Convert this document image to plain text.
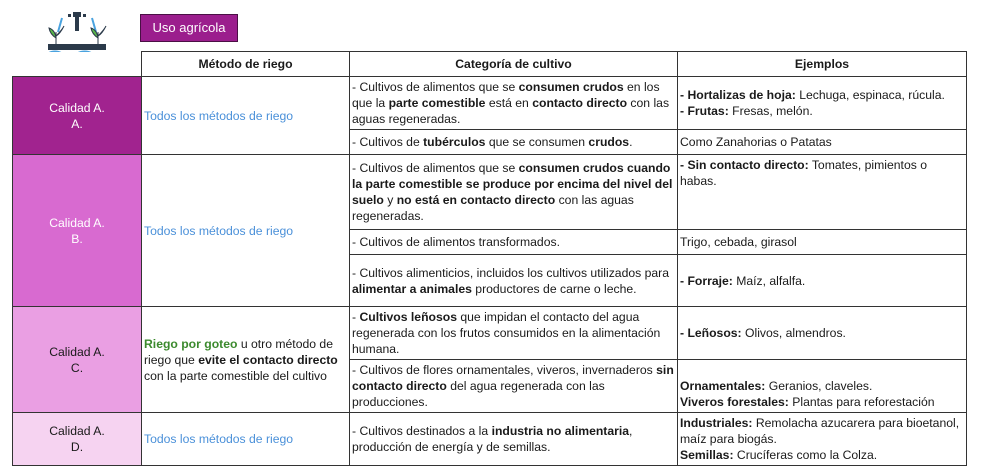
Uso agrícola
	Método de riego	Categoría de cultivo	Ejemplos

Calidad A.
A.	Todos los métodos de riego	- Cultivos de alimentos que se consumen crudos en los que la parte comestible está en contacto directo con las aguas regeneradas.	- Hortalizas de hoja: Lechuga, espinaca, rúcula.
- Frutas: Fresas, melón.
		- Cultivos de tubérculos que se consumen crudos.	Como Zanahorias o Patatas

Calidad A.
B.	Todos los métodos de riego	- Cultivos de alimentos que se consumen crudos cuando la parte comestible se produce por encima del nivel del suelo y no está en contacto directo con las aguas regeneradas.	- Sin contacto directo: Tomates, pimientos o habas.
		- Cultivos de alimentos transformados.	Trigo, cebada, girasol
		- Cultivos alimenticios, incluidos los cultivos utilizados para alimentar a animales productores de carne o leche.	- Forraje: Maíz, alfalfa.

Calidad A.
C.	Riego por goteo u otro método de riego que evite el contacto directo con la parte comestible del cultivo	- Cultivos leñosos que impidan el contacto del agua regenerada con los frutos consumidos en la alimentación humana.	- Leñosos: Olivos, almendros.
		- Cultivos de flores ornamentales, viveros, invernaderos sin contacto directo del agua regenerada con las producciones.	Ornamentales: Geranios, claveles.
Viveros forestales: Plantas para reforestación

Calidad A.
D.	Todos los métodos de riego	- Cultivos destinados a la industria no alimentaria, producción de energía y de semillas.	Industriales: Remolacha azucarera para bioetanol, maíz para biogás.
Semillas: Crucíferas como la Colza.
